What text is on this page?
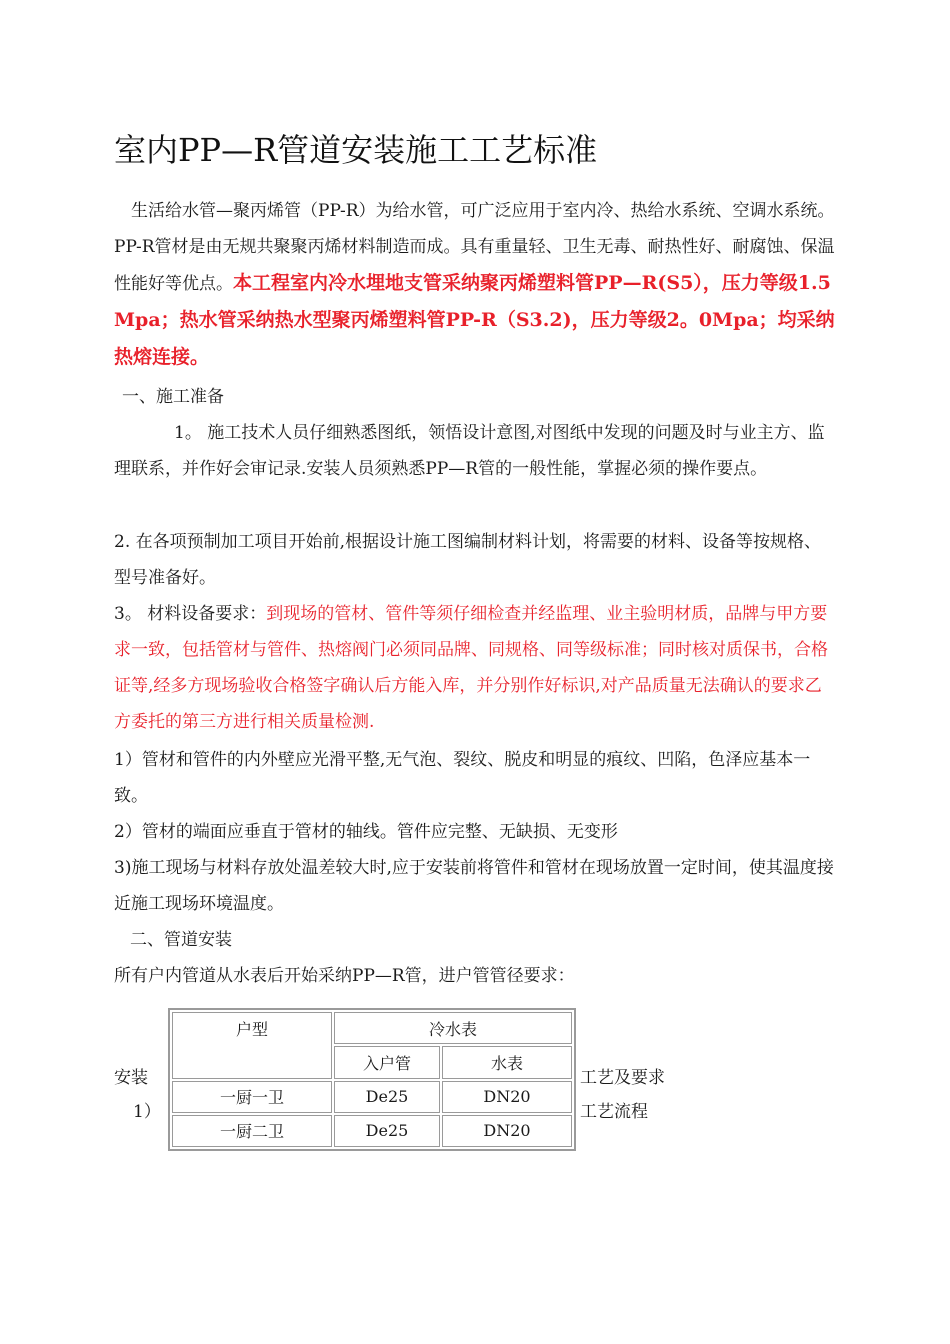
室内PP—R管道安装施工工艺标准

生活给水管—聚丙烯管（PP-R）为给水管，可广泛应用于室内冷、热给水系统、空调水系统。PP-R管材是由无规共聚聚丙烯材料制造而成。具有重量轻、卫生无毒、耐热性好、耐腐蚀、保温性能好等优点。本工程室内冷水埋地支管采纳聚丙烯塑料管PP—R(S5），压力等级1.5 Mpa；热水管采纳热水型聚丙烯塑料管PP-R（S3.2)，压力等级2。0Mpa；均采纳热熔连接。

一、施工准备

1。 施工技术人员仔细熟悉图纸，领悟设计意图,对图纸中发现的问题及时与业主方、监理联系，并作好会审记录.安装人员须熟悉PP—R管的一般性能，掌握必须的操作要点。

2. 在各项预制加工项目开始前,根据设计施工图编制材料计划，将需要的材料、设备等按规格、型号准备好。

3。 材料设备要求：到现场的管材、管件等须仔细检查并经监理、业主验明材质，品牌与甲方要求一致，包括管材与管件、热熔阀门必须同品牌、同规格、同等级标准；同时核对质保书，合格证等,经多方现场验收合格签字确认后方能入库，并分别作好标识,对产品质量无法确认的要求乙方委托的第三方进行相关质量检测.

1）管材和管件的内外壁应光滑平整,无气泡、裂纹、脱皮和明显的痕纹、凹陷，色泽应基本一致。

2）管材的端面应垂直于管材的轴线。管件应完整、无缺损、无变形

3)施工现场与材料存放处温差较大时,应于安装前将管件和管材在现场放置一定时间，使其温度接近施工现场环境温度。

二、管道安装
所有户内管道从水表后开始采纳PP—R管，进户管管径要求：
安装
1）
工艺及要求
工艺流程
户型	冷水表	
	入户管	水表
一厨一卫	De25	DN20
一厨二卫	De25	DN20
